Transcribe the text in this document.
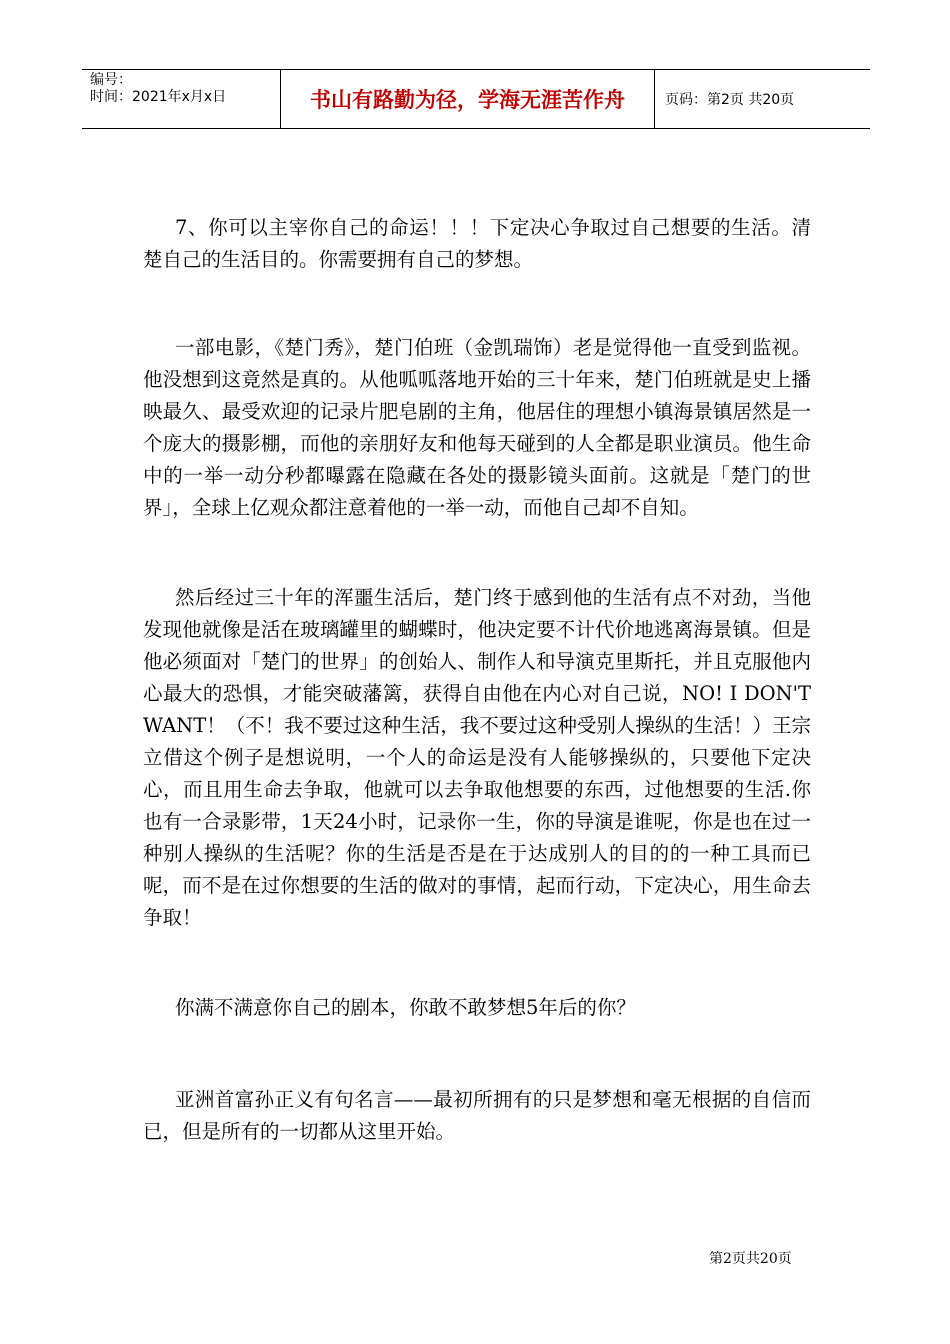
编号：
时间：2021年x月x日	书山有路勤为径，学海无涯苦作舟	页码：第2页 共20页

7、你可以主宰你自己的命运！！！下定决心争取过自己想要的生活。清楚自己的生活目的。你需要拥有自己的梦想。

一部电影，《楚门秀》，楚门伯班（金凯瑞饰）老是觉得他一直受到监视。他没想到这竟然是真的。从他呱呱落地开始的三十年来，楚门伯班就是史上播映最久、最受欢迎的记录片肥皂剧的主角，他居住的理想小镇海景镇居然是一个庞大的摄影棚，而他的亲朋好友和他每天碰到的人全都是职业演员。他生命中的一举一动分秒都曝露在隐藏在各处的摄影镜头面前。这就是「楚门的世界」，全球上亿观众都注意着他的一举一动，而他自己却不自知。

然后经过三十年的浑噩生活后，楚门终于感到他的生活有点不对劲，当他发现他就像是活在玻璃罐里的蝴蝶时，他决定要不计代价地逃离海景镇。但是他必须面对「楚门的世界」的创始人、制作人和导演克里斯托，并且克服他内心最大的恐惧，才能突破藩篱，获得自由他在内心对自己说，NO! I DON'T WANT！（不！我不要过这种生活，我不要过这种受别人操纵的生活！）王宗立借这个例子是想说明，一个人的命运是没有人能够操纵的，只要他下定决心，而且用生命去争取，他就可以去争取他想要的东西，过他想要的生活.你也有一合录影带，1天24小时，记录你一生，你的导演是谁呢，你是也在过一种别人操纵的生活呢？你的生活是否是在于达成别人的目的的一种工具而已呢，而不是在过你想要的生活的做对的事情，起而行动，下定决心，用生命去争取！

你满不满意你自己的剧本，你敢不敢梦想5年后的你？

亚洲首富孙正义有句名言——最初所拥有的只是梦想和毫无根据的自信而已，但是所有的一切都从这里开始。

第2页共20页
